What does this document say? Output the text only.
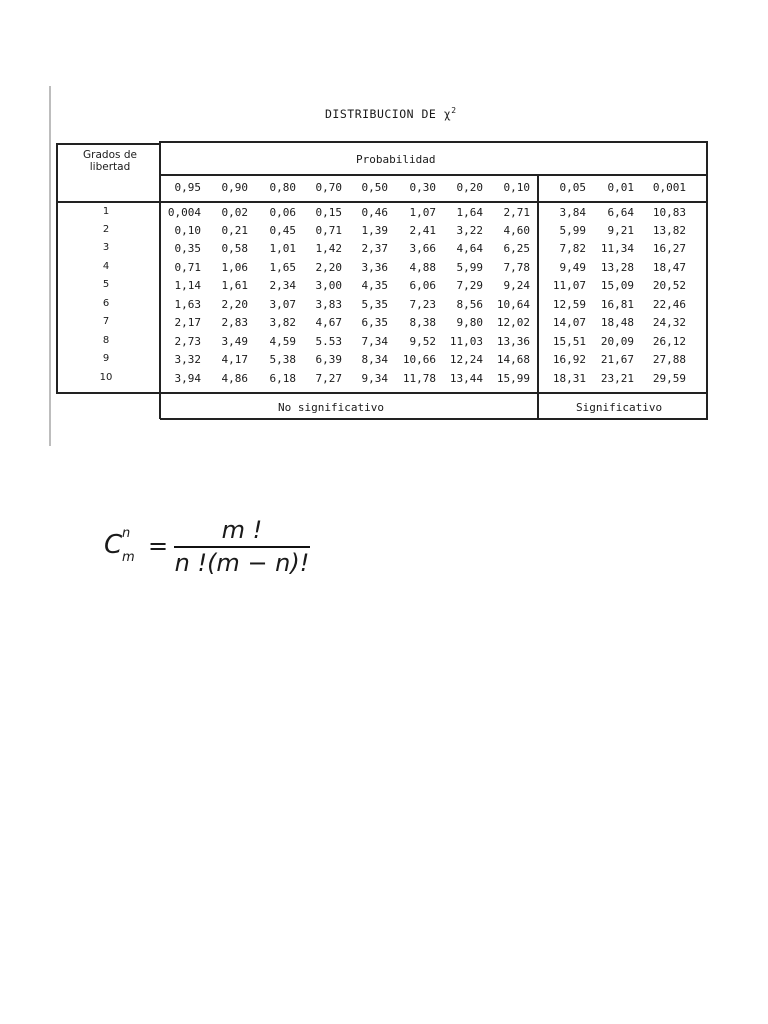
DISTRIBUCION DE $\chi^2$
Grados de
libertad
Probabilidad
No significativo	Significativo
0,95 0,90 0,80 0,70 0,50 0,30 0,20 0,10	0,05 0,01 0,001
1	0,004 0,02 0,06 0,15 0,46 1,07 1,64 2,71	3,84 6,64 10,83
2	0,10 0,21 0,45 0,71 1,39 2,41 3,22 4,60	5,99 9,21 13,82
3	0,35 0,58 1,01 1,42 2,37 3,66 4,64 6,25	7,82 11,34 16,27
4	0,71 1,06 1,65 2,20 3,36 4,88 5,99 7,78	9,49 13,28 18,47
5	1,14 1,61 2,34 3,00 4,35 6,06 7,29 9,24 11,07 15,09 20,52
6	1,63 2,20 3,07 3,83 5,35 7,23 8,56 10,64 12,59 16,81 22,46
7	2,17 2,83 3,82 4,67 6,35 8,38 9,80 12,02 14,07 18,48 24,32
8	2,73 3,49 4,59 5.53 7,34 9,52 11,03 13,36 15,51 20,09 26,12
9	3,32 4,17 5,38 6,39 8,34 10,66 12,24 14,68 16,92 21,67 27,88
10	3,94 4,86 6,18 7,27 9,34 11,78 13,44 15,99 18,31 23,21 29,59
C n
m =
m !
n !(m − n)!
